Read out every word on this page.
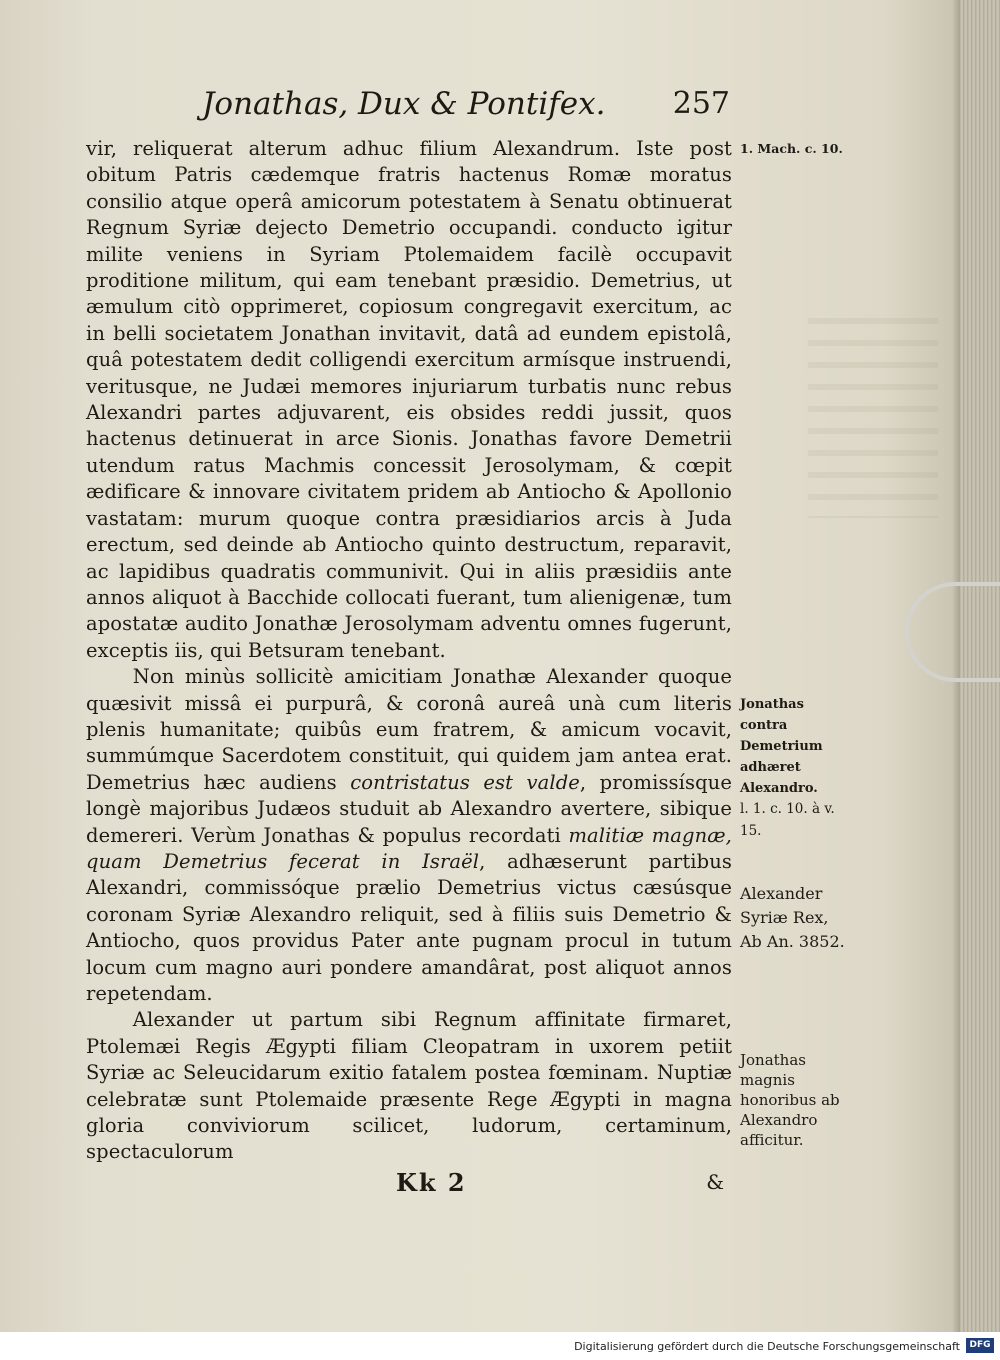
Jonathas, Dux & Pontifex. 257

vir, reliquerat alterum adhuc filium Alexandrum. Iste post obitum Patris cædemque fratris hactenus Romæ moratus consilio atque operâ amicorum potestatem à Senatu obtinuerat Regnum Syriæ dejecto Demetrio occupandi. conducto igitur milite veniens in Syriam Ptolemaidem facilè occupavit proditione militum, qui eam tenebant præsidio. Demetrius, ut æmulum citò opprimeret, copiosum congregavit exercitum, ac in belli societatem Jonathan invitavit, datâ ad eundem epistolâ, quâ potestatem dedit colligendi exercitum armísque instruendi, veritusque, ne Judæi memores injuriarum turbatis nunc rebus Alexandri partes adjuvarent, eis obsides reddi jussit, quos hactenus detinuerat in arce Sionis. Jonathas favore Demetrii utendum ratus Machmis concessit Jerosolymam, & cœpit ædificare & innovare civitatem pridem ab Antiocho & Apollonio vastatam: murum quoque contra præsidiarios arcis à Juda erectum, sed deinde ab Antiocho quinto destructum, reparavit, ac lapidibus quadratis communivit. Qui in aliis præsidiis ante annos aliquot à Bacchide collocati fuerant, tum alienigenæ, tum apostatæ audito Jonathæ Jerosolymam adventu omnes fugerunt, exceptis iis, qui Betsuram tenebant.

Non minùs sollicitè amicitiam Jonathæ Alexander quoque quæsivit missâ ei purpurâ, & coronâ aureâ unà cum literis plenis humanitate; quibûs eum fratrem, & amicum vocavit, summúmque Sacerdotem constituit, qui quidem jam antea erat. Demetrius hæc audiens contristatus est valde, promissísque longè majoribus Judæos studuit ab Alexandro avertere, sibique demereri. Verùm Jonathas & populus recordati malitiæ magnæ, quam Demetrius fecerat in Israël, adhæserunt partibus Alexandri, commissóque prælio Demetrius victus cæsúsque coronam Syriæ Alexandro reliquit, sed à filiis suis Demetrio & Antiocho, quos providus Pater ante pugnam procul in tutum locum cum magno auri pondere amandârat, post aliquot annos repetendam.

Alexander ut partum sibi Regnum affinitate firmaret, Ptolemæi Regis Ægypti filiam Cleopatram in uxorem petiit Syriæ ac Seleucidarum exitio fatalem postea fœminam. Nuptiæ celebratæ sunt Ptolemaide præsente Rege Ægypti in magna gloria conviviorum scilicet, ludorum, certaminum, spectaculorum

Kk 2	&
1. Mach. c. 10.
Jonathas contra Demetrium adhæret Alexandro.
l. 1. c. 10. à v. 15.
Alexander Syriæ Rex, Ab An. 3852.
Jonathas magnis honoribus ab Alexandro afficitur.
Digitalisierung gefördert durch die Deutsche Forschungsgemeinschaft	DFG
